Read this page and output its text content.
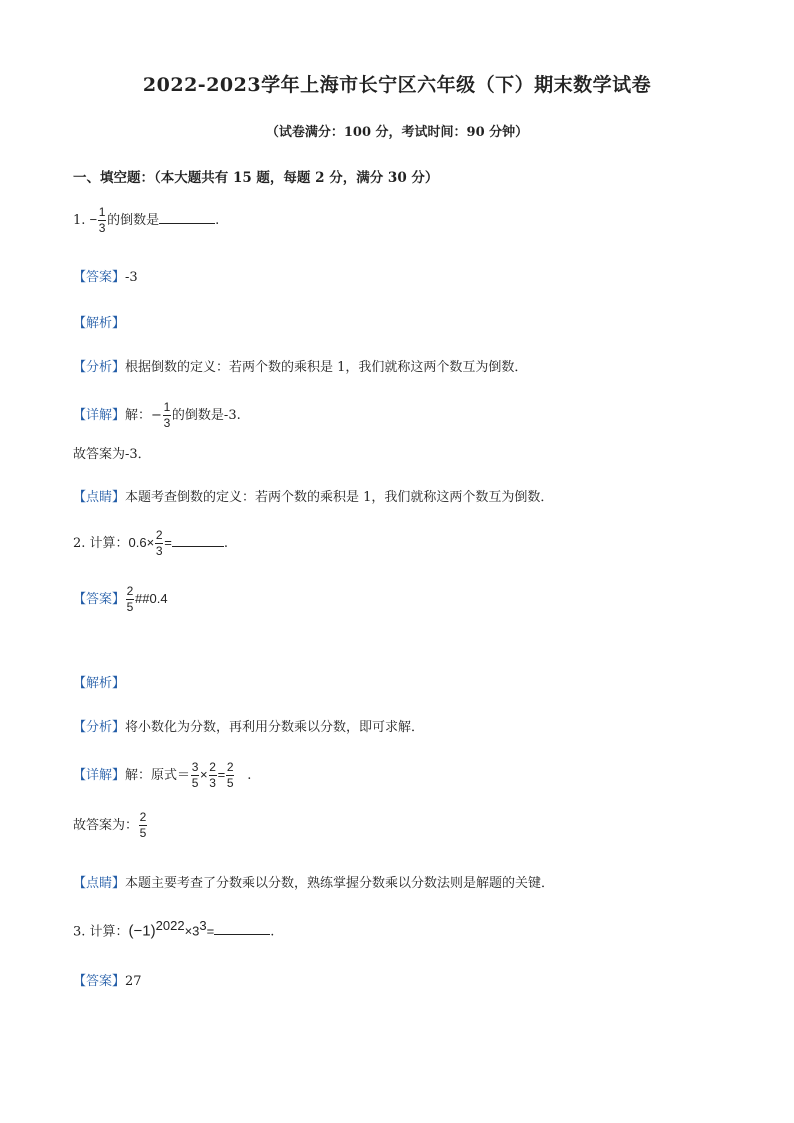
2022-2023学年上海市长宁区六年级（下）期末数学试卷
（试卷满分：100 分，考试时间：90 分钟）
一、填空题：（本大题共有 15 题，每题 2 分，满分 30 分）
1. − $\frac{1}{3}$ 的倒数是	.
【答案】-3
【解析】
【分析】根据倒数的定义：若两个数的乘积是 1，我们就称这两个数互为倒数．
【详解】解：− $\frac{1}{3}$ 的倒数是-3.
故答案为-3．
【点睛】本题考查倒数的定义：若两个数的乘积是 1，我们就称这两个数互为倒数．
2. 计算：$0.6\times \frac{2}{3}$ =	.
【答案】 $\frac{2}{5}$ ##0.4
【解析】
【分析】将小数化为分数，再利用分数乘以分数，即可求解．
【详解】解：原式＝ $\frac{3}{5} \times \frac{2}{3} = \frac{2}{5}$ .
故答案为： $\frac{2}{5}$
【点睛】本题主要考查了分数乘以分数，熟练掌握分数乘以分数法则是解题的关键．
3. 计算：$(-1)^{2022}\times 3^3=$	.
【答案】27
